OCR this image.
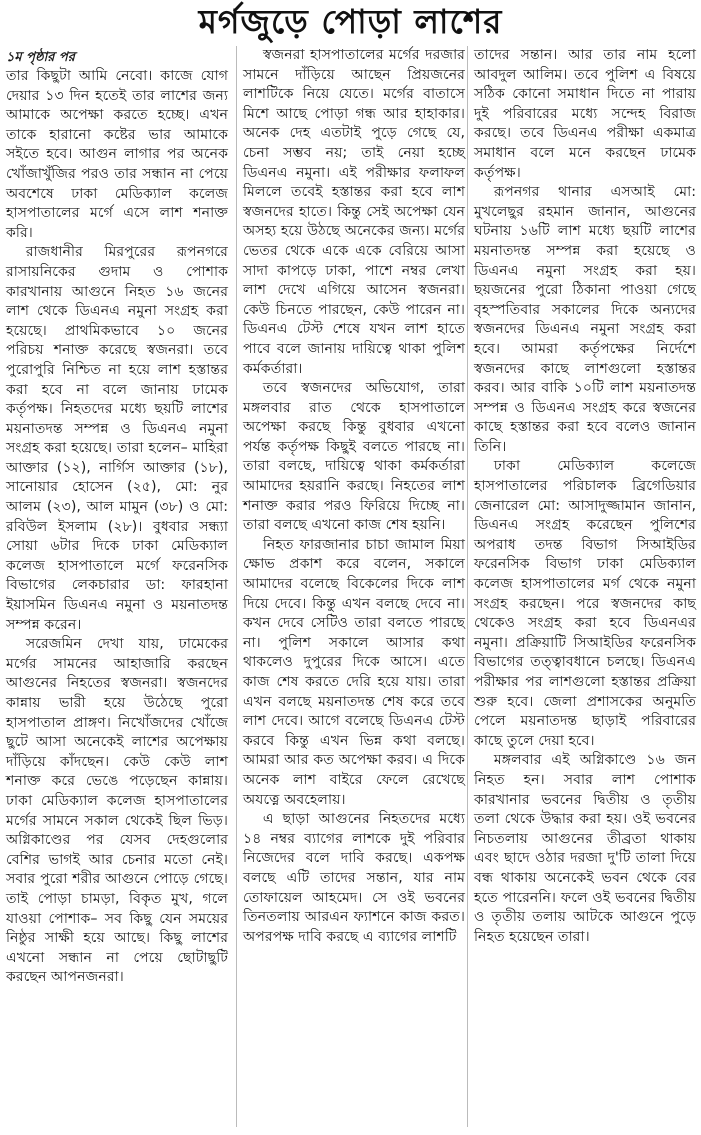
মর্গজুড়ে পোড়া লাশের
১ম পৃষ্ঠার পর

তার কিছুটা আমি নেবো। কাজে যোগ দেয়ার ১৩ দিন হতেই তার লাশের জন্য আমাকে অপেক্ষা করতে হচ্ছে। এখন তাকে হারানো কষ্টের ভার আমাকে সইতে হবে। আগুন লাগার পর অনেক খোঁজাখুঁজির পরও তার সন্ধান না পেয়ে অবশেষে ঢাকা মেডিক্যাল কলেজ হাসপাতালের মর্গে এসে লাশ শনাক্ত করি।

রাজধানীর মিরপুরের রূপনগরে রাসায়নিকের গুদাম ও পোশাক কারখানায় আগুনে নিহত ১৬ জনের লাশ থেকে ডিএনএ নমুনা সংগ্রহ করা হয়েছে। প্রাথমিকভাবে ১০ জনের পরিচয় শনাক্ত করেছে স্বজনরা। তবে পুরোপুরি নিশ্চিত না হয়ে লাশ হস্তান্তর করা হবে না বলে জানায় ঢামেক কর্তৃপক্ষ। নিহতদের মধ্যে ছয়টি লাশের ময়নাতদন্ত সম্পন্ন ও ডিএনএ নমুনা সংগ্রহ করা হয়েছে। তারা হলেন– মাহিরা আক্তার (১২), নার্গিস আক্তার (১৮), সানোয়ার হোসেন (২৫), মো: নুর আলম (২৩), আল মামুন (৩৮) ও মো: রবিউল ইসলাম (২৮)। বুধবার সন্ধ্যা সোয়া ৬টার দিকে ঢাকা মেডিক্যাল কলেজ হাসপাতালে মর্গে ফরেনসিক বিভাগের লেকচারার ডা: ফারহানা ইয়াসমিন ডিএনএ নমুনা ও ময়নাতদন্ত সম্পন্ন করেন।

সরেজমিন দেখা যায়, ঢামেকের মর্গের সামনের আহাজারি করছেন আগুনের নিহতের স্বজনরা। স্বজনদের কান্নায় ভারী হয়ে উঠেছে পুরো হাসপাতাল প্রাঙ্গণ। নিখোঁজদের খোঁজে ছুটে আসা অনেকেই লাশের অপেক্ষায় দাঁড়িয়ে কাঁদছেন। কেউ কেউ লাশ শনাক্ত করে ভেঙে পড়েছেন কান্নায়। ঢাকা মেডিক্যাল কলেজ হাসপাতালের মর্গের সামনে সকাল থেকেই ছিল ভিড়। অগ্নিকাণ্ডের পর যেসব দেহগুলোর বেশির ভাগই আর চেনার মতো নেই। সবার পুরো শরীর আগুনে পোড়ে গেছে। তাই পোড়া চামড়া, বিকৃত মুখ, গলে যাওয়া পোশাক– সব কিছু যেন সময়ের নিষ্ঠুর সাক্ষী হয়ে আছে। কিছু লাশের এখনো সন্ধান না পেয়ে ছোটাছুটি করছেন আপনজনরা।

স্বজনরা হাসপাতালের মর্গের দরজার সামনে দাঁড়িয়ে আছেন প্রিয়জনের লাশটিকে নিয়ে যেতে। মর্গের বাতাসে মিশে আছে পোড়া গন্ধ আর হাহাকার। অনেক দেহ এতটাই পুড়ে গেছে যে, চেনা সম্ভব নয়; তাই নেয়া হচ্ছে ডিএনএ নমুনা। এই পরীক্ষার ফলাফল মিললে তবেই হস্তান্তর করা হবে লাশ স্বজনদের হাতে। কিন্তু সেই অপেক্ষা যেন অসহ্য হয়ে উঠছে অনেকের জন্য। মর্গের ভেতর থেকে একে একে বেরিয়ে আসা সাদা কাপড়ে ঢাকা, পাশে নম্বর লেখা লাশ দেখে এগিয়ে আসেন স্বজনরা। কেউ চিনতে পারছেন, কেউ পারেন না। ডিএনএ টেস্ট শেষে যখন লাশ হাতে পাবে বলে জানায় দায়িত্বে থাকা পুলিশ কর্মকর্তারা।

তবে স্বজনদের অভিযোগ, তারা মঙ্গলবার রাত থেকে হাসপাতালে অপেক্ষা করছে কিন্তু বুধবার এখনো পর্যন্ত কর্তৃপক্ষ কিছুই বলতে পারছে না। তারা বলছে, দায়িত্বে থাকা কর্মকর্তারা আমাদের হয়রানি করছে। নিহতের লাশ শনাক্ত করার পরও ফিরিয়ে দিচ্ছে না। তারা বলছে এখনো কাজ শেষ হয়নি।

নিহত ফারজানার চাচা জামাল মিয়া ক্ষোভ প্রকাশ করে বলেন, সকালে আমাদের বলেছে বিকেলের দিকে লাশ দিয়ে দেবে। কিন্তু এখন বলছে দেবে না। কখন দেবে সেটিও তারা বলতে পারছে না। পুলিশ সকালে আসার কথা থাকলেও দুপুরের দিকে আসে। এতে কাজ শেষ করতে দেরি হয়ে যায়। তারা এখন বলছে ময়নাতদন্ত শেষ করে তবে লাশ দেবে। আগে বলেছে ডিএনএ টেস্ট করবে কিন্তু এখন ভিন্ন কথা বলছে। আমরা আর কত অপেক্ষা করব। এ দিকে অনেক লাশ বাইরে ফেলে রেখেছে অযত্নে অবহেলায়।

এ ছাড়া আগুনের নিহতদের মধ্যে ১৪ নম্বর ব্যাগের লাশকে দুই পরিবার নিজেদের বলে দাবি করছে। একপক্ষ বলছে এটি তাদের সন্তান, যার নাম তোফায়েল আহমেদ। সে ওই ভবনের তিনতলায় আরএন ফ্যাশনে কাজ করত। অপরপক্ষ দাবি করছে এ ব্যাগের লাশটি

তাদের সন্তান। আর তার নাম হলো আবদুল আলিম। তবে পুলিশ এ বিষয়ে সঠিক কোনো সমাধান দিতে না পারায় দুই পরিবারের মধ্যে সন্দেহ বিরাজ করছে। তবে ডিএনএ পরীক্ষা একমাত্র সমাধান বলে মনে করছেন ঢামেক কর্তৃপক্ষ।

রূপনগর থানার এসআই মো: মুখলেছুর রহমান জানান, আগুনের ঘটনায় ১৬টি লাশ মধ্যে ছয়টি লাশের ময়নাতদন্ত সম্পন্ন করা হয়েছে ও ডিএনএ নমুনা সংগ্রহ করা হয়। ছয়জনের পুরো ঠিকানা পাওয়া গেছে বৃহস্পতিবার সকালের দিকে অন্যদের স্বজনদের ডিএনএ নমুনা সংগ্রহ করা হবে। আমরা কর্তৃপক্ষের নির্দেশে স্বজনদের কাছে লাশগুলো হস্তান্তর করব। আর বাকি ১০টি লাশ ময়নাতদন্ত সম্পন্ন ও ডিএনএ সংগ্রহ করে স্বজনের কাছে হস্তান্তর করা হবে বলেও জানান তিনি।

ঢাকা মেডিক্যাল কলেজে হাসপাতালের পরিচালক ব্রিগেডিয়ার জেনারেল মো: আসাদুজ্জামান জানান, ডিএনএ সংগ্রহ করেছেন পুলিশের অপরাধ তদন্ত বিভাগ সিআইডির ফরেনসিক বিভাগ ঢাকা মেডিক্যাল কলেজ হাসপাতালের মর্গ থেকে নমুনা সংগ্রহ করছেন। পরে স্বজনদের কাছ থেকেও সংগ্রহ করা হবে ডিএনএর নমুনা। প্রক্রিয়াটি সিআইডির ফরেনসিক বিভাগের তত্ত্বাবধানে চলছে। ডিএনএ পরীক্ষার পর লাশগুলো হস্তান্তর প্রক্রিয়া শুরু হবে। জেলা প্রশাসকের অনুমতি পেলে ময়নাতদন্ত ছাড়াই পরিবারের কাছে তুলে দেয়া হবে।

মঙ্গলবার এই অগ্নিকাণ্ডে ১৬ জন নিহত হন। সবার লাশ পোশাক কারখানার ভবনের দ্বিতীয় ও তৃতীয় তলা থেকে উদ্ধার করা হয়। ওই ভবনের নিচতলায় আগুনের তীব্রতা থাকায় এবং ছাদে ওঠার দরজা দু'টি তালা দিয়ে বন্ধ থাকায় অনেকেই ভবন থেকে বের হতে পারেননি। ফলে ওই ভবনের দ্বিতীয় ও তৃতীয় তলায় আটকে আগুনে পুড়ে নিহত হয়েছেন তারা।
